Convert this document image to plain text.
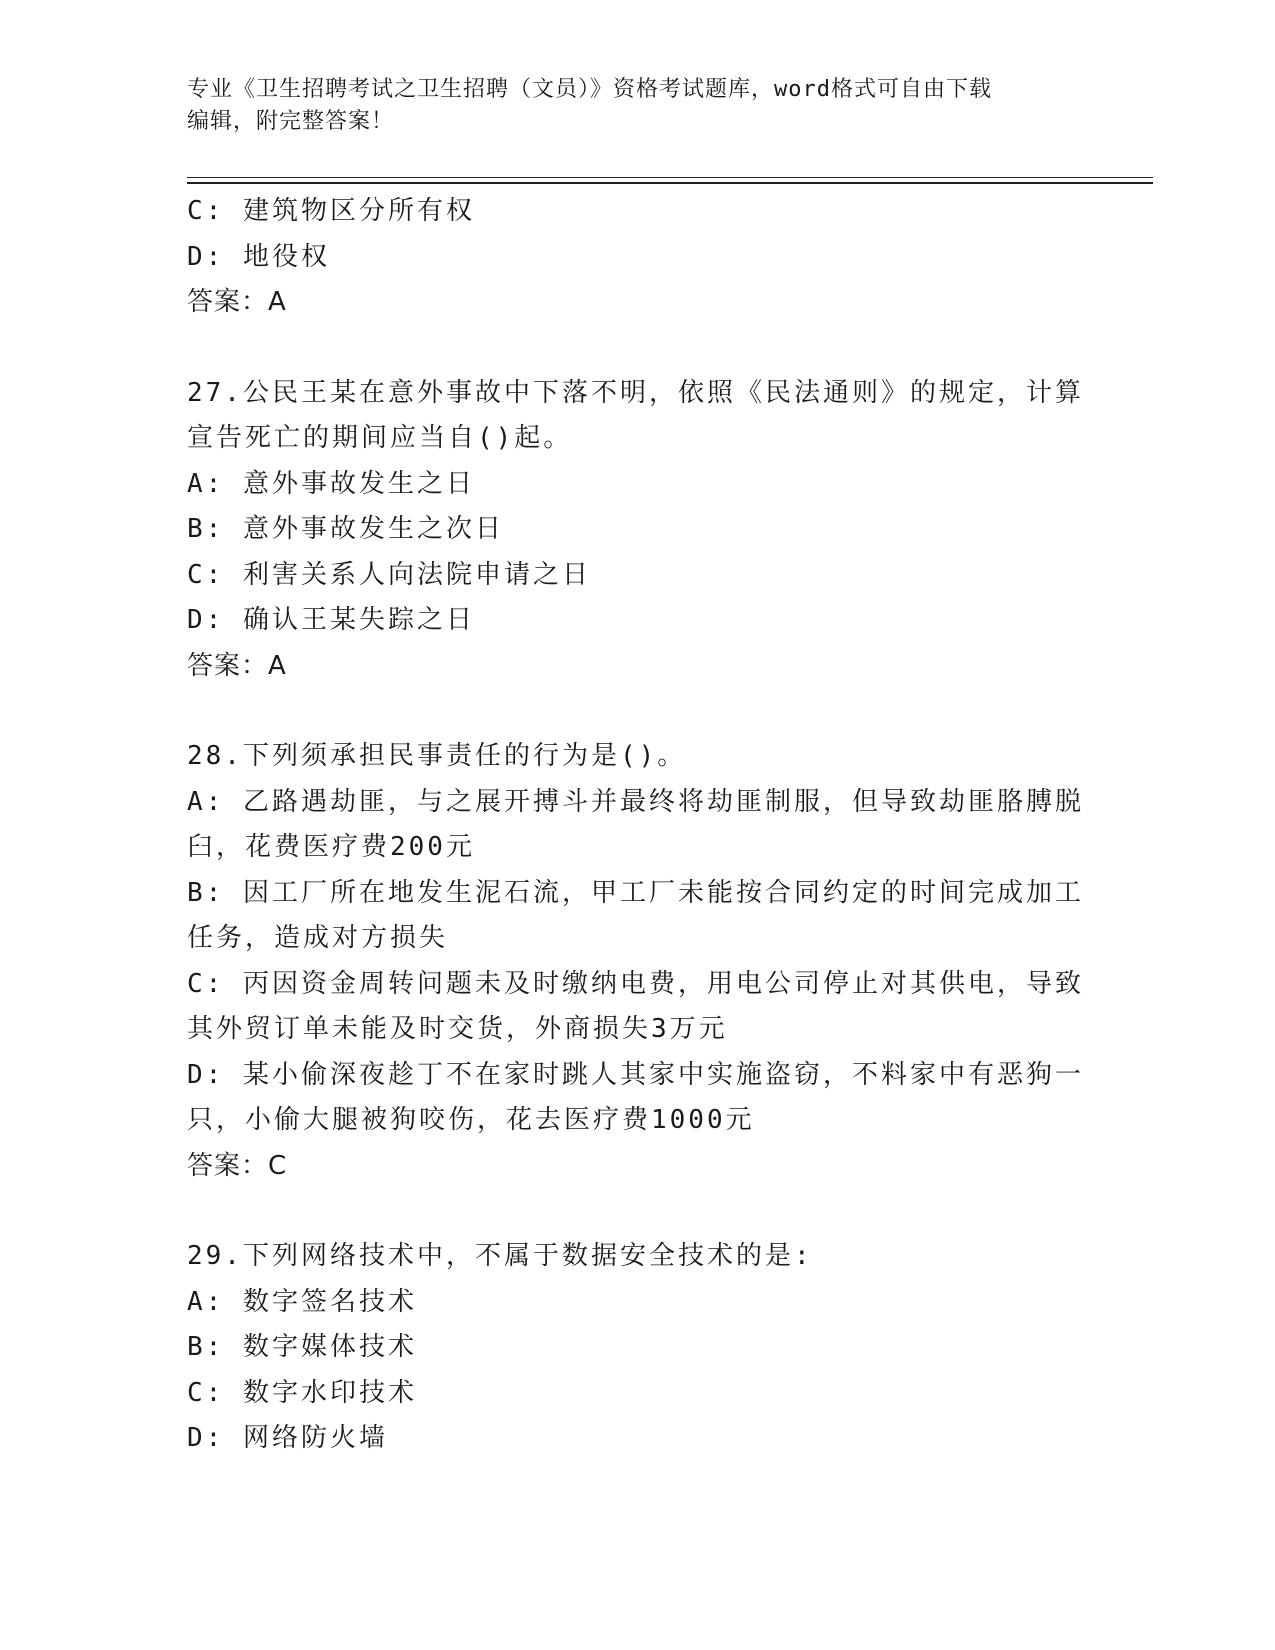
专业《卫生招聘考试之卫生招聘（文员）》资格考试题库，word格式可自由下载
编辑，附完整答案！
C: 建筑物区分所有权
D: 地役权
答案：A
27.公民王某在意外事故中下落不明，依照《民法通则》的规定，计算
宣告死亡的期间应当自()起。
A: 意外事故发生之日
B: 意外事故发生之次日
C: 利害关系人向法院申请之日
D: 确认王某失踪之日
答案：A
28.下列须承担民事责任的行为是()。
A: 乙路遇劫匪，与之展开搏斗并最终将劫匪制服，但导致劫匪胳膊脱
臼，花费医疗费200元
B: 因工厂所在地发生泥石流，甲工厂未能按合同约定的时间完成加工
任务，造成对方损失
C: 丙因资金周转问题未及时缴纳电费，用电公司停止对其供电，导致
其外贸订单未能及时交货，外商损失3万元
D: 某小偷深夜趁丁不在家时跳人其家中实施盗窃，不料家中有恶狗一
只，小偷大腿被狗咬伤，花去医疗费1000元
答案：C
29.下列网络技术中，不属于数据安全技术的是:
A: 数字签名技术
B: 数字媒体技术
C: 数字水印技术
D: 网络防火墙
